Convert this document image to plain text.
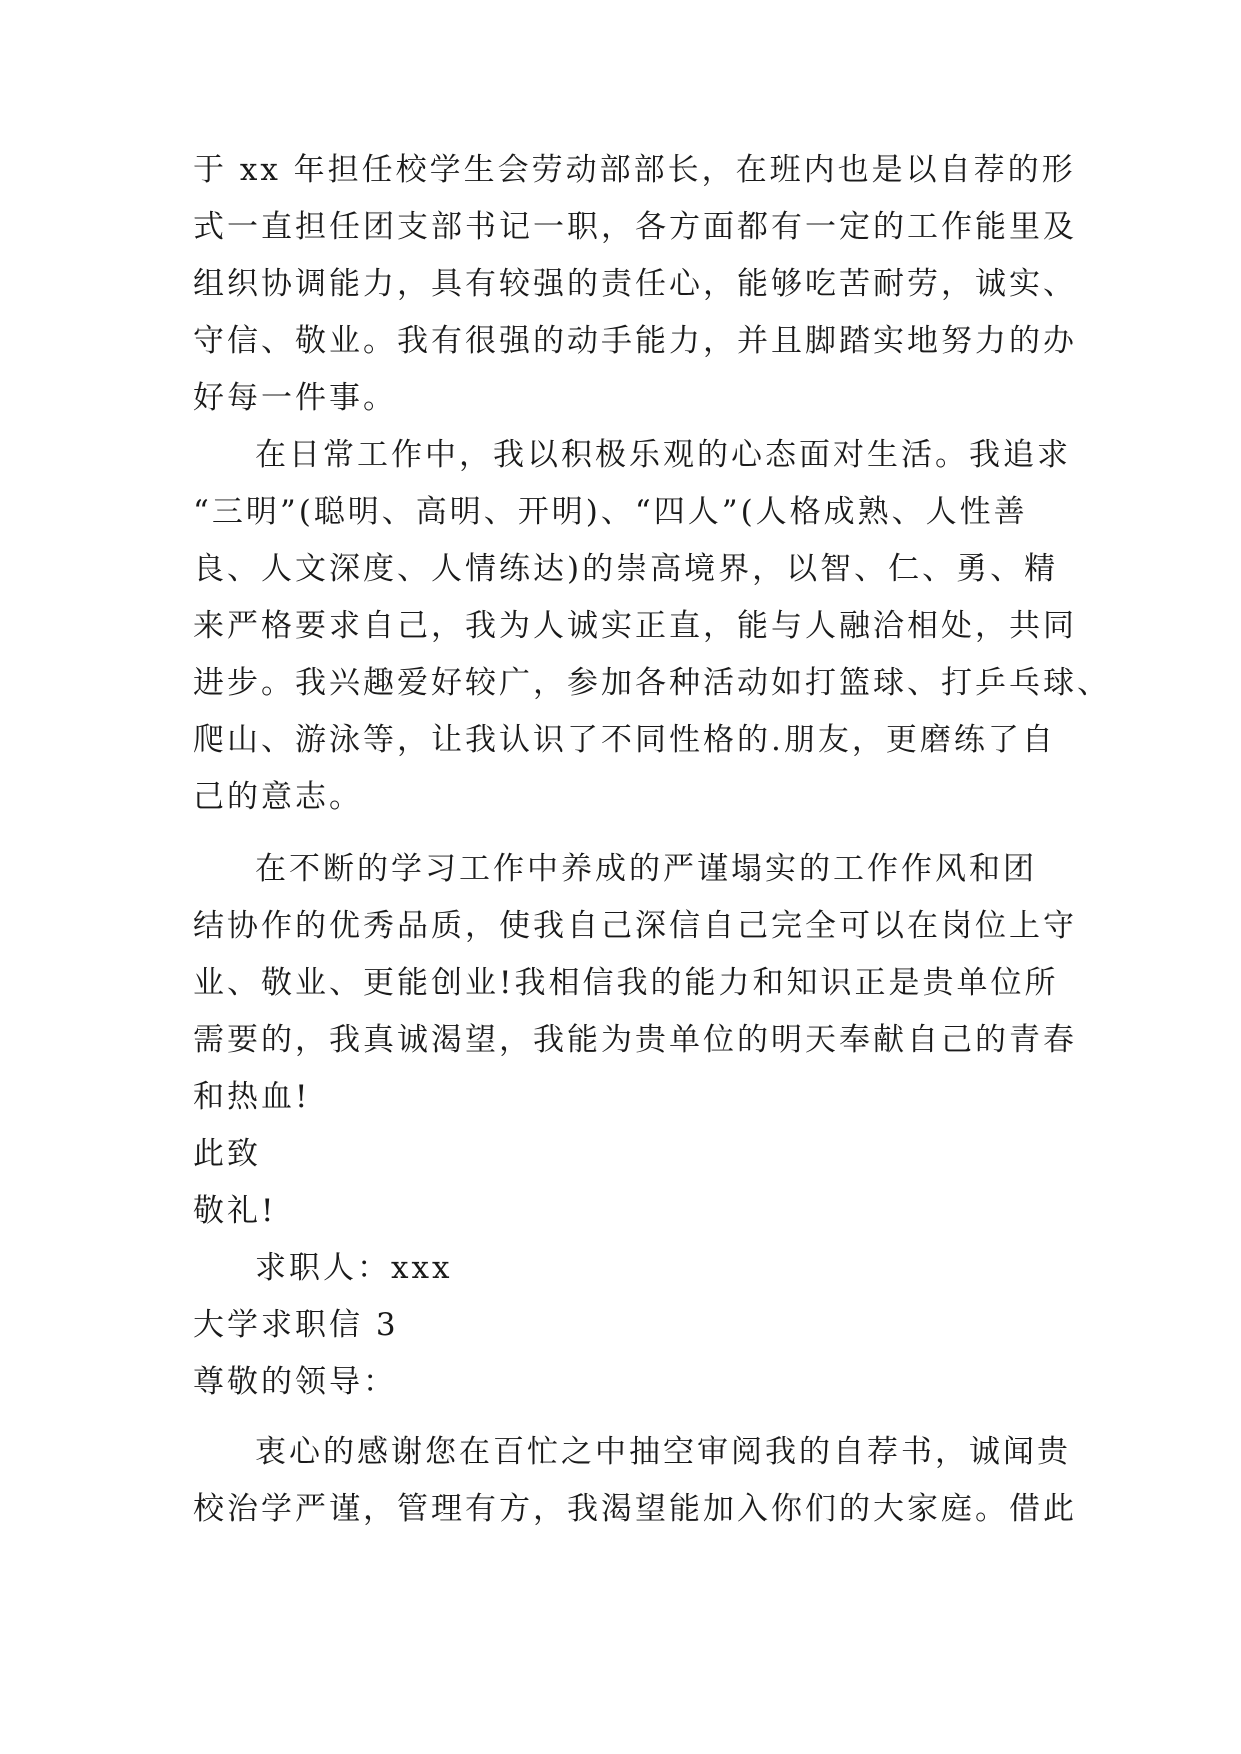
于 xx 年担任校学生会劳动部部长，在班内也是以自荐的形
式一直担任团支部书记一职，各方面都有一定的工作能里及
组织协调能力，具有较强的责任心，能够吃苦耐劳，诚实、
守信、敬业。我有很强的动手能力，并且脚踏实地努力的办
好每一件事。
在日常工作中，我以积极乐观的心态面对生活。我追求
“三明”(聪明、高明、开明)、“四人”(人格成熟、人性善
良、人文深度、人情练达)的崇高境界，以智、仁、勇、精
来严格要求自己，我为人诚实正直，能与人融洽相处，共同
进步。我兴趣爱好较广，参加各种活动如打篮球、打乒乓球、
爬山、游泳等，让我认识了不同性格的.朋友，更磨练了自
己的意志。
在不断的学习工作中养成的严谨塌实的工作作风和团
结协作的优秀品质，使我自己深信自己完全可以在岗位上守
业、敬业、更能创业!我相信我的能力和知识正是贵单位所
需要的，我真诚渴望，我能为贵单位的明天奉献自己的青春
和热血!
此致
敬礼!
求职人：xxx
大学求职信 3
尊敬的领导：
衷心的感谢您在百忙之中抽空审阅我的自荐书，诚闻贵
校治学严谨，管理有方，我渴望能加入你们的大家庭。借此
